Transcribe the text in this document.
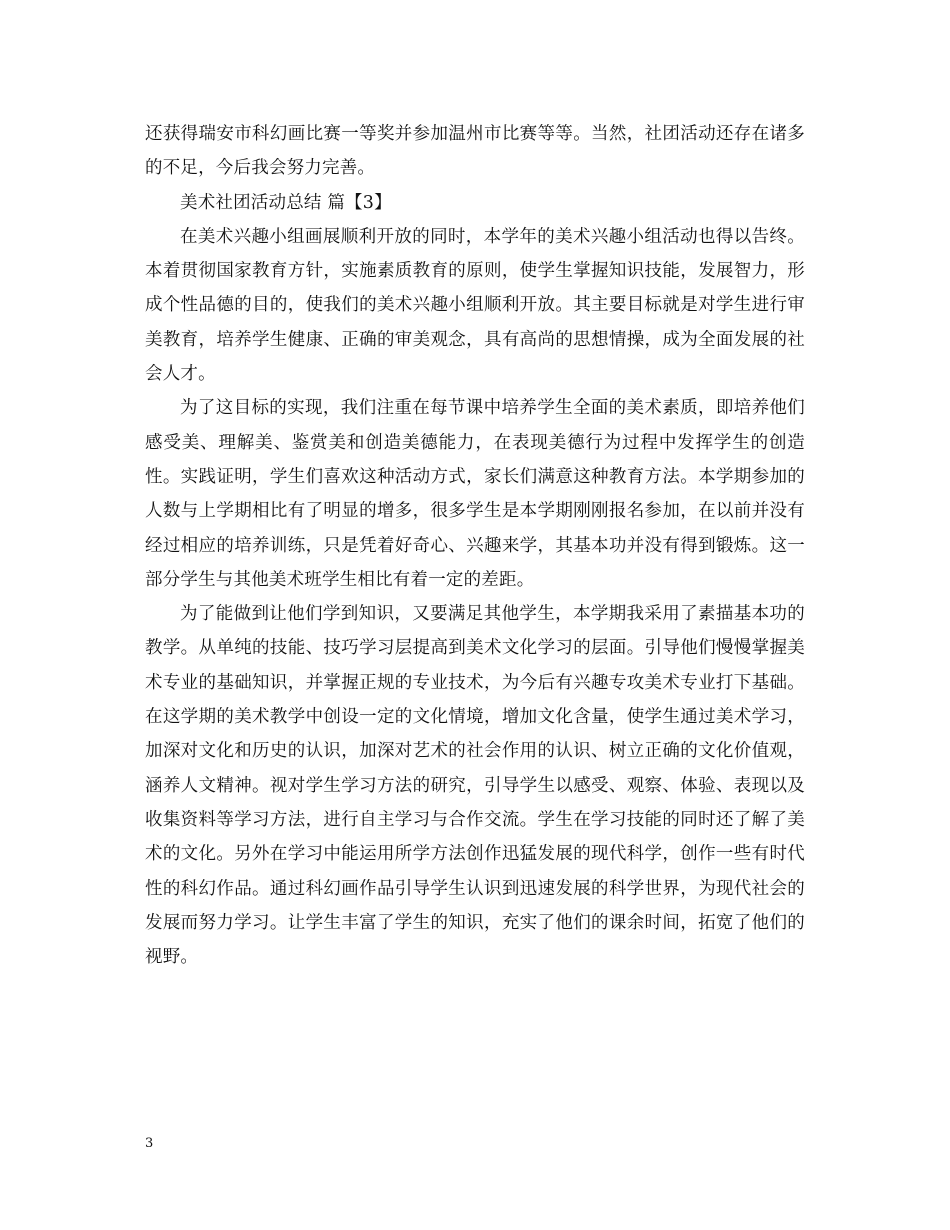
还获得瑞安市科幻画比赛一等奖并参加温州市比赛等等。当然，社团活动还存在诸多的不足，今后我会努力完善。

美术社团活动总结 篇【3】

在美术兴趣小组画展顺利开放的同时，本学年的美术兴趣小组活动也得以告终。本着贯彻国家教育方针，实施素质教育的原则，使学生掌握知识技能，发展智力，形成个性品德的目的，使我们的美术兴趣小组顺利开放。其主要目标就是对学生进行审美教育，培养学生健康、正确的审美观念，具有高尚的思想情操，成为全面发展的社会人才。

为了这目标的实现，我们注重在每节课中培养学生全面的美术素质，即培养他们感受美、理解美、鉴赏美和创造美德能力，在表现美德行为过程中发挥学生的创造性。实践证明，学生们喜欢这种活动方式，家长们满意这种教育方法。本学期参加的人数与上学期相比有了明显的增多，很多学生是本学期刚刚报名参加，在以前并没有经过相应的培养训练，只是凭着好奇心、兴趣来学，其基本功并没有得到锻炼。这一部分学生与其他美术班学生相比有着一定的差距。

为了能做到让他们学到知识，又要满足其他学生，本学期我采用了素描基本功的教学。从单纯的技能、技巧学习层提高到美术文化学习的层面。引导他们慢慢掌握美术专业的基础知识，并掌握正规的专业技术，为今后有兴趣专攻美术专业打下基础。在这学期的美术教学中创设一定的文化情境，增加文化含量，使学生通过美术学习，加深对文化和历史的认识，加深对艺术的社会作用的认识、树立正确的文化价值观，涵养人文精神。视对学生学习方法的研究，引导学生以感受、观察、体验、表现以及收集资料等学习方法，进行自主学习与合作交流。学生在学习技能的同时还了解了美术的文化。另外在学习中能运用所学方法创作迅猛发展的现代科学，创作一些有时代性的科幻作品。通过科幻画作品引导学生认识到迅速发展的科学世界，为现代社会的发展而努力学习。让学生丰富了学生的知识，充实了他们的课余时间，拓宽了他们的视野。

3
